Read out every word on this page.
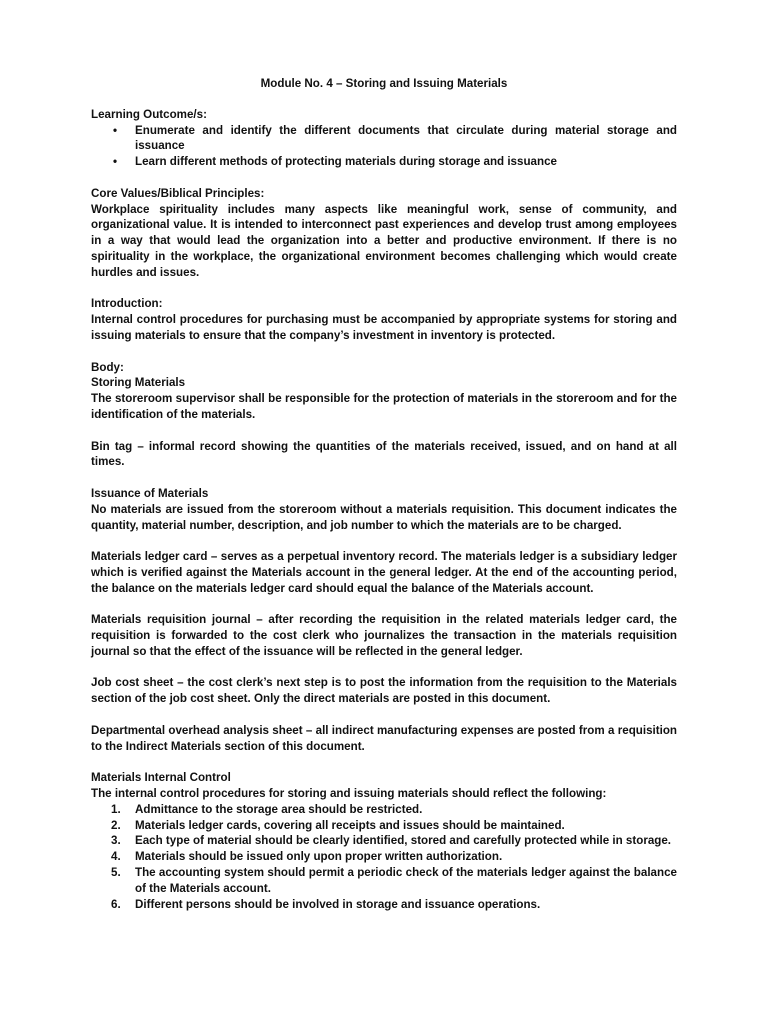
Module No. 4 – Storing and Issuing Materials

Learning Outcome/s:

• Enumerate and identify the different documents that circulate during material storage and issuance
• Learn different methods of protecting materials during storage and issuance

Core Values/Biblical Principles:

Workplace spirituality includes many aspects like meaningful work, sense of community, and organizational value. It is intended to interconnect past experiences and develop trust among employees in a way that would lead the organization into a better and productive environment. If there is no spirituality in the workplace, the organizational environment becomes challenging which would create hurdles and issues.

Introduction:

Internal control procedures for purchasing must be accompanied by appropriate systems for storing and issuing materials to ensure that the company’s investment in inventory is protected.

Body:

Storing Materials

The storeroom supervisor shall be responsible for the protection of materials in the storeroom and for the identification of the materials.

Bin tag – informal record showing the quantities of the materials received, issued, and on hand at all times.

Issuance of Materials

No materials are issued from the storeroom without a materials requisition. This document indicates the quantity, material number, description, and job number to which the materials are to be charged.

Materials ledger card – serves as a perpetual inventory record. The materials ledger is a subsidiary ledger which is verified against the Materials account in the general ledger. At the end of the accounting period, the balance on the materials ledger card should equal the balance of the Materials account.

Materials requisition journal – after recording the requisition in the related materials ledger card, the requisition is forwarded to the cost clerk who journalizes the transaction in the materials requisition journal so that the effect of the issuance will be reflected in the general ledger.

Job cost sheet – the cost clerk’s next step is to post the information from the requisition to the Materials section of the job cost sheet. Only the direct materials are posted in this document.

Departmental overhead analysis sheet – all indirect manufacturing expenses are posted from a requisition to the Indirect Materials section of this document.

Materials Internal Control

The internal control procedures for storing and issuing materials should reflect the following:

1. Admittance to the storage area should be restricted.
2. Materials ledger cards, covering all receipts and issues should be maintained.
3. Each type of material should be clearly identified, stored and carefully protected while in storage.
4. Materials should be issued only upon proper written authorization.
5. The accounting system should permit a periodic check of the materials ledger against the balance of the Materials account.
6. Different persons should be involved in storage and issuance operations.
